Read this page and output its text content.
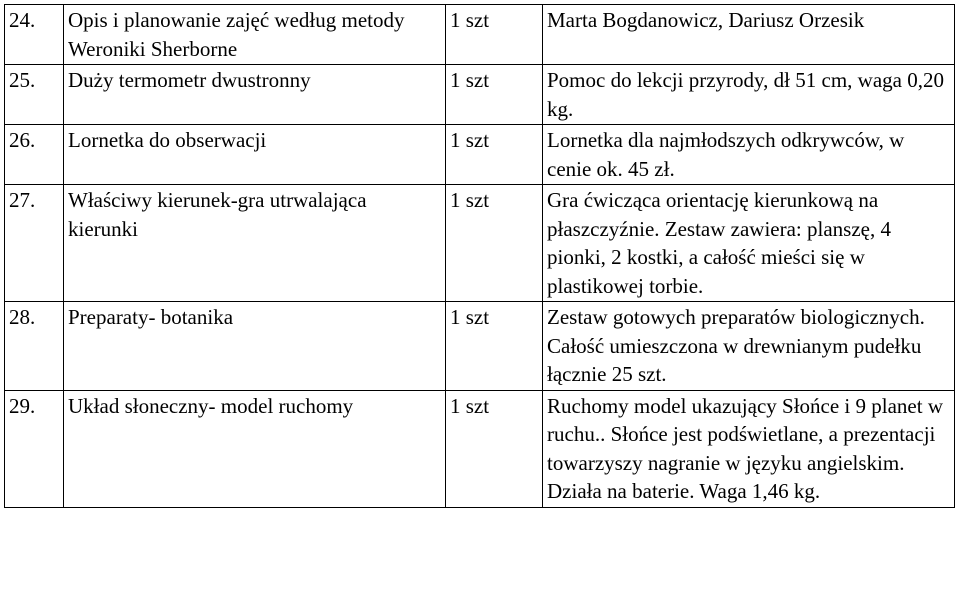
24.	Opis i planowanie zajęć według metody Weroniki Sherborne	1 szt	Marta Bogdanowicz, Dariusz Orzesik
25.	Duży termometr dwustronny	1 szt	Pomoc do lekcji przyrody, dł 51 cm, waga 0,20 kg.
26.	Lornetka do obserwacji	1 szt	Lornetka dla najmłodszych odkrywców, w cenie ok. 45 zł.
27.	Właściwy kierunek-gra utrwalająca kierunki	1 szt	Gra ćwicząca orientację kierunkową na płaszczyźnie. Zestaw zawiera: planszę, 4 pionki, 2 kostki, a całość mieści się w plastikowej torbie.
28.	Preparaty- botanika	1 szt	Zestaw gotowych preparatów biologicznych. Całość umieszczona w drewnianym pudełku łącznie 25 szt.
29.	Układ słoneczny- model ruchomy	1 szt	Ruchomy model ukazujący Słońce i 9 planet w ruchu.. Słońce jest podświetlane, a prezentacji towarzyszy nagranie w języku angielskim. Działa na baterie. Waga 1,46 kg.
